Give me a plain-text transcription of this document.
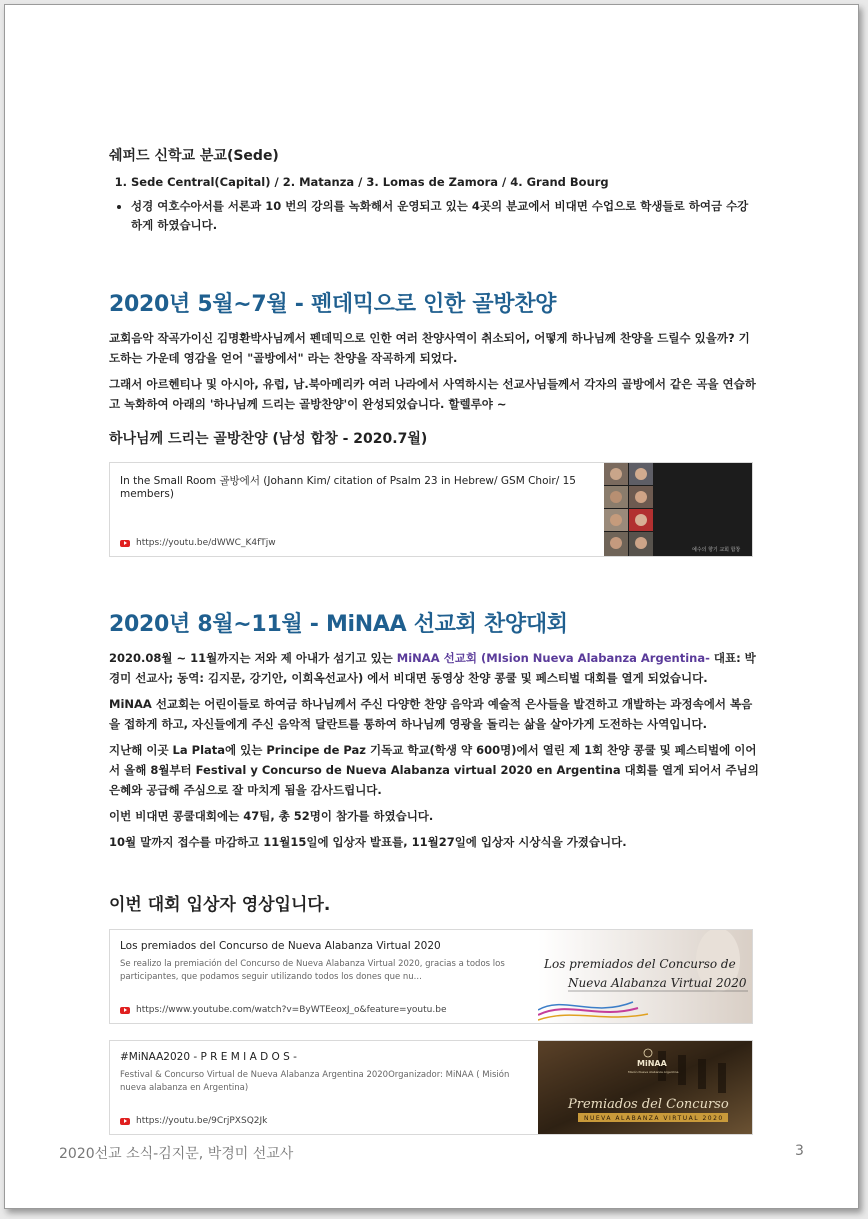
쉐퍼드 신학교 분교(Sede)
1. Sede Central(Capital) / 2. Matanza / 3. Lomas de Zamora / 4. Grand Bourg
• 성경 여호수아서를 서론과 10 번의 강의를 녹화해서 운영되고 있는 4곳의 분교에서 비대면 수업으로 학생들로 하여금 수강하게 하였습니다.
2020년 5월~7월 - 펜데믹으로 인한 골방찬양

교회음악 작곡가이신 김명환박사님께서 펜데믹으로 인한 여러 찬양사역이 취소되어, 어떻게 하나님께 찬양을 드릴수 있을까? 기도하는 가운데 영감을 얻어 "골방에서" 라는 찬양을 작곡하게 되었다.

그래서 아르헨티나 및 아시아, 유럽, 남.북아메리카 여러 나라에서 사역하시는 선교사님들께서 각자의 골방에서 같은 곡을 연습하고 녹화하여 아래의 '하나님께 드리는 골방찬양'이 완성되었습니다. 할렐루야 ~

하나님께 드리는 골방찬양 (남성 합창 - 2020.7월)
In the Small Room 골방에서 (Johann Kim/ citation of Psalm 23 in Hebrew/ GSM Choir/ 15 members)
https://youtu.be/dWWC_K4fTjw
예수의 향기 교회 합창
2020년 8월~11월 - MiNAA 선교회 찬양대회

2020.08월 ~ 11월까지는 저와 제 아내가 섬기고 있는 MiNAA 선교회 (MIsion Nueva Alabanza Argentina- 대표: 박경미 선교사; 동역: 김지문, 강기안, 이희옥선교사) 에서 비대면 동영상 찬양 콩쿨 및 페스티벌 대회를 열게 되었습니다.

MiNAA 선교회는 어린이들로 하여금 하나님께서 주신 다양한 찬양 음악과 예술적 은사들을 발견하고 개발하는 과정속에서 복음을 접하게 하고, 자신들에게 주신 음악적 달란트를 통하여 하나님께 영광을 돌리는 삶을 살아가게 도전하는 사역입니다.

지난해 이곳 La Plata에 있는 Principe de Paz 기독교 학교(학생 약 600명)에서 열린 제 1회 찬양 콩쿨 및 페스티벌에 이어서 올해 8월부터 Festival y Concurso de Nueva Alabanza virtual 2020 en Argentina 대회를 열게 되어서 주님의 은혜와 공급해 주심으로 잘 마치게 됨을 감사드립니다.

이번 비대면 콩쿨대회에는 47팀, 총 52명이 참가를 하였습니다.

10월 말까지 접수를 마감하고 11월15일에 입상자 발표를, 11월27일에 입상자 시상식을 가졌습니다.

이번 대회 입상자 영상입니다.
Los premiados del Concurso de Nueva Alabanza Virtual 2020
Se realizo la premiación del Concurso de Nueva Alabanza Virtual 2020, gracias a todos los participantes, que podamos seguir utilizando todos los dones que nu...
https://www.youtube.com/watch?v=ByWTEeoxJ_o&feature=youtu.be
Los premiados del Concurso de
Nueva Alabanza Virtual 2020
#MiNAA2020 - P R E M I A D O S -
Festival & Concurso Virtual de Nueva Alabanza Argentina 2020Organizador: MiNAA ( Misión nueva alabanza en Argentina)
https://youtu.be/9CrjPXSQ2Jk
MiNAA
Misión Nueva Alabanza Argentina
Premiados del Concurso
NUEVA ALABANZA VIRTUAL 2020
2020선교 소식-김지문, 박경미 선교사	3
